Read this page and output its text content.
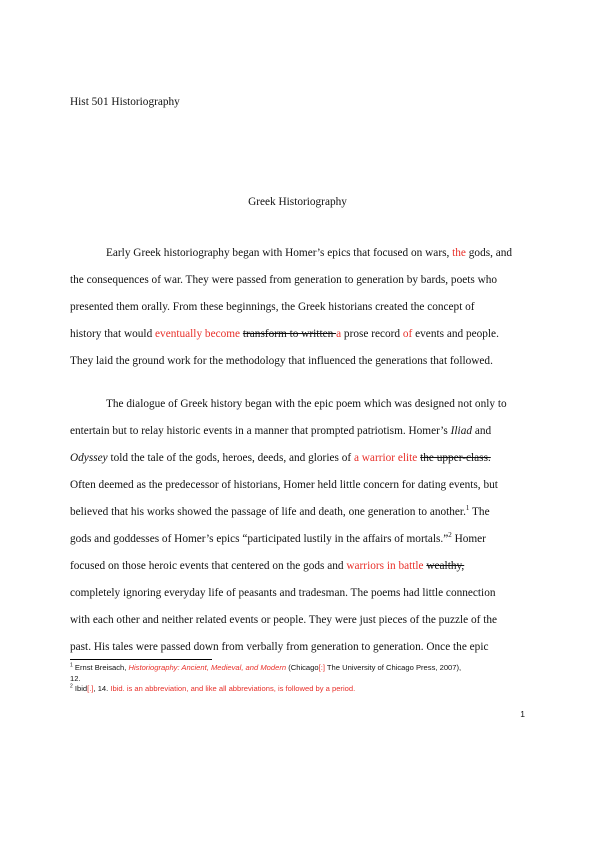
Hist 501 Historiography
Greek Historiography
Early Greek historiography began with Homer’s epics that focused on wars, the gods, and
the consequences of war. They were passed from generation to generation by bards, poets who
presented them orally. From these beginnings, the Greek historians created the concept of
history that would eventually become transform to written a prose record of events and people.
They laid the ground work for the methodology that influenced the generations that followed.
The dialogue of Greek history began with the epic poem which was designed not only to
entertain but to relay historic events in a manner that prompted patriotism. Homer’s Iliad and
Odyssey told the tale of the gods, heroes, deeds, and glories of a warrior elite the upper-class.
Often deemed as the predecessor of historians, Homer held little concern for dating events, but
believed that his works showed the passage of life and death, one generation to another.$^1$ The
gods and goddesses of Homer’s epics “participated lustily in the affairs of mortals.”$^2$ Homer
focused on those heroic events that centered on the gods and warriors in battle wealthy,
completely ignoring everyday life of peasants and tradesman. The poems had little connection
with each other and neither related events or people. They were just pieces of the puzzle of the
past. His tales were passed down from verbally from generation to generation. Once the epic
$^1$ Ernst Breisach, Historiography: Ancient, Medieval, and Modern (Chicago[:] The University of Chicago Press, 2007),
12.
$^2$ Ibid[.], 14. Ibid. is an abbreviation, and like all abbreviations, is followed by a period.
1
